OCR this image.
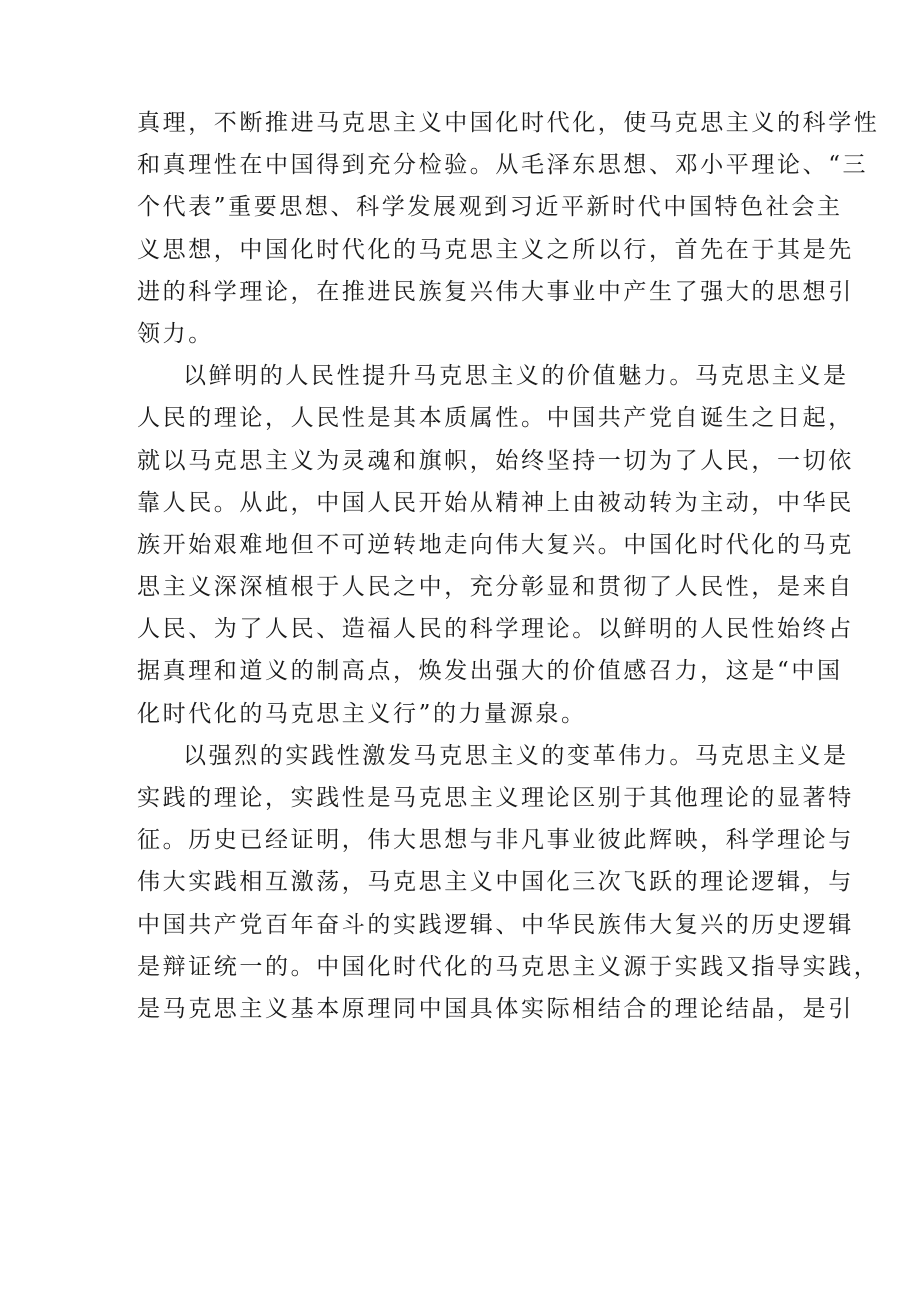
真理，不断推进马克思主义中国化时代化，使马克思主义的科学性
和真理性在中国得到充分检验。从毛泽东思想、邓小平理论、“三
个代表”重要思想、科学发展观到习近平新时代中国特色社会主
义思想，中国化时代化的马克思主义之所以行，首先在于其是先
进的科学理论，在推进民族复兴伟大事业中产生了强大的思想引
领力。
以鲜明的人民性提升马克思主义的价值魅力。马克思主义是
人民的理论，人民性是其本质属性。中国共产党自诞生之日起，
就以马克思主义为灵魂和旗帜，始终坚持一切为了人民，一切依
靠人民。从此，中国人民开始从精神上由被动转为主动，中华民
族开始艰难地但不可逆转地走向伟大复兴。中国化时代化的马克
思主义深深植根于人民之中，充分彰显和贯彻了人民性，是来自
人民、为了人民、造福人民的科学理论。以鲜明的人民性始终占
据真理和道义的制高点，焕发出强大的价值感召力，这是“中国
化时代化的马克思主义行”的力量源泉。
以强烈的实践性激发马克思主义的变革伟力。马克思主义是
实践的理论，实践性是马克思主义理论区别于其他理论的显著特
征。历史已经证明，伟大思想与非凡事业彼此辉映，科学理论与
伟大实践相互激荡，马克思主义中国化三次飞跃的理论逻辑，与
中国共产党百年奋斗的实践逻辑、中华民族伟大复兴的历史逻辑
是辩证统一的。中国化时代化的马克思主义源于实践又指导实践，
是马克思主义基本原理同中国具体实际相结合的理论结晶，是引
